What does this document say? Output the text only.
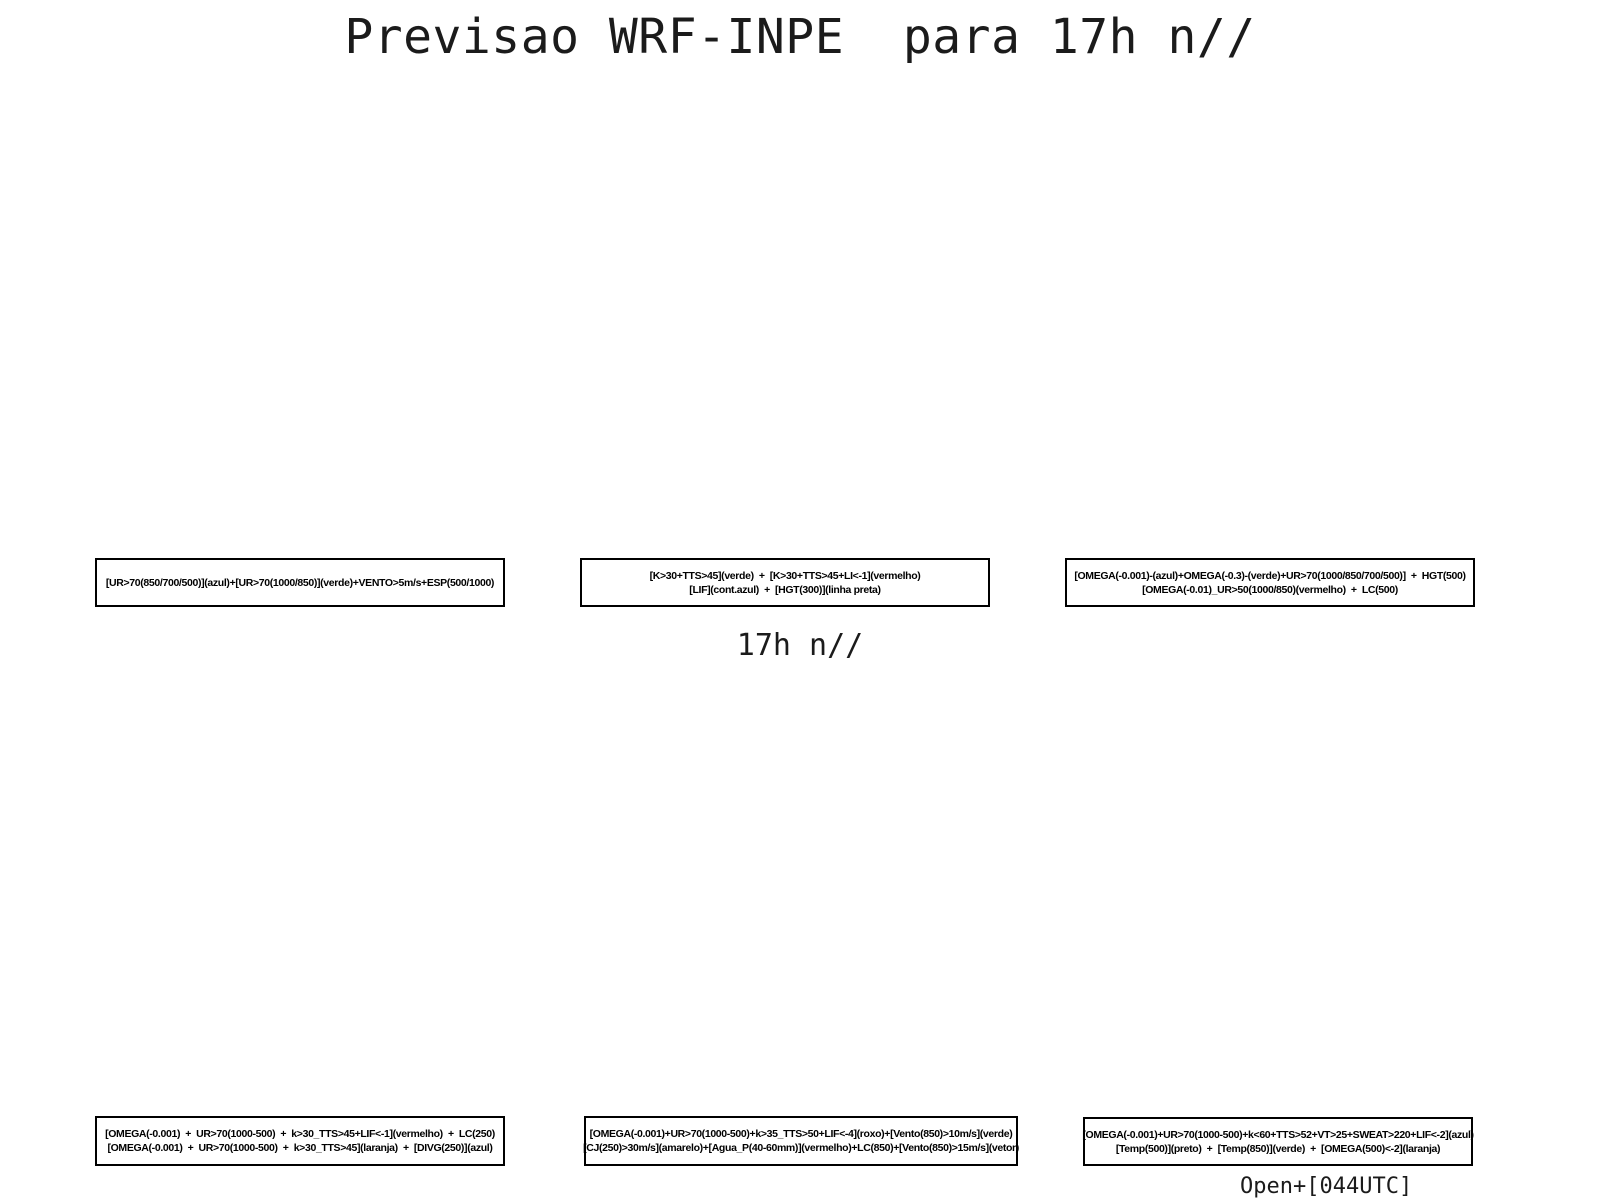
Previsao WRF-INPE  para 17h n//
[UR>70(850/700/500)](azul)+[UR>70(1000/850)](verde)+VENTO>5m/s+ESP(500/1000)
[K>30+TTS>45](verde)  +  [K>30+TTS>45+LI<-1](vermelho)
[LIF](cont.azul)  +  [HGT(300)](linha preta)
[OMEGA(-0.001)-(azul)+OMEGA(-0.3)-(verde)+UR>70(1000/850/700/500)]  +  HGT(500)
[OMEGA(-0.01)_UR>50(1000/850)(vermelho)  +  LC(500)
17h n//
[OMEGA(-0.001)  +  UR>70(1000-500)  +  k>30_TTS>45+LIF<-1](vermelho)  +  LC(250)
[OMEGA(-0.001)  +  UR>70(1000-500)  +  k>30_TTS>45](laranja)  +  [DIVG(250)](azul)
[OMEGA(-0.001)+UR>70(1000-500)+k>35_TTS>50+LIF<-4](roxo)+[Vento(850)>10m/s](verde)
[CJ(250)>30m/s](amarelo)+[Agua_P(40-60mm)](vermelho)+LC(850)+[Vento(850)>15m/s](vetor)
[OMEGA(-0.001)+UR>70(1000-500)+k<60+TTS>52+VT>25+SWEAT>220+LIF<-2](azul)
[Temp(500)](preto)  +  [Temp(850)](verde)  +  [OMEGA(500)<-2](laranja)
Open+[044UTC]
